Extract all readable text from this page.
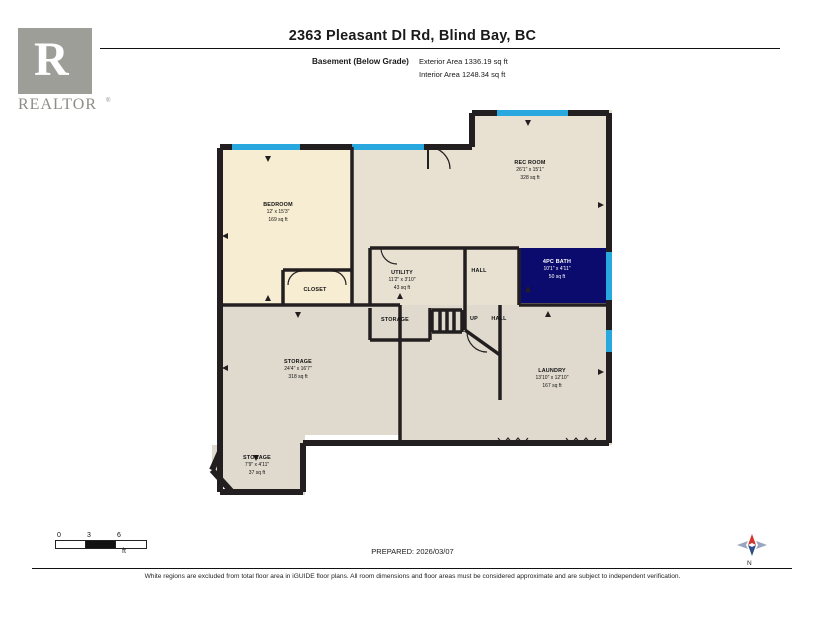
2363 Pleasant Dl Rd, Blind Bay, BC
Basement (Below Grade) Exterior Area 1336.19 sq ft
Interior Area 1248.34 sq ft
R
REALTOR ®
REC ROOM
26'1" x 15'1"
328 sq ft
BEDROOM
12' x 15'3"
169 sq ft
CLOSET
UTILITY
11'2" x 3'10"
43 sq ft
HALL
4PC BATH
10'1" x 4'11"
50 sq ft
STORAGE	UP	HALL
STORAGE
24'4" x 16'7"
318 sq ft
LAUNDRY
13'10" x 12'10"
167 sq ft
STORAGE
7'9" x 4'11"
37 sq ft
0	3	6
ft
N
PREPARED: 2026/03/07
White regions are excluded from total floor area in iGUIDE floor plans. All room dimensions and floor areas must be considered approximate and are subject to independent verification.
